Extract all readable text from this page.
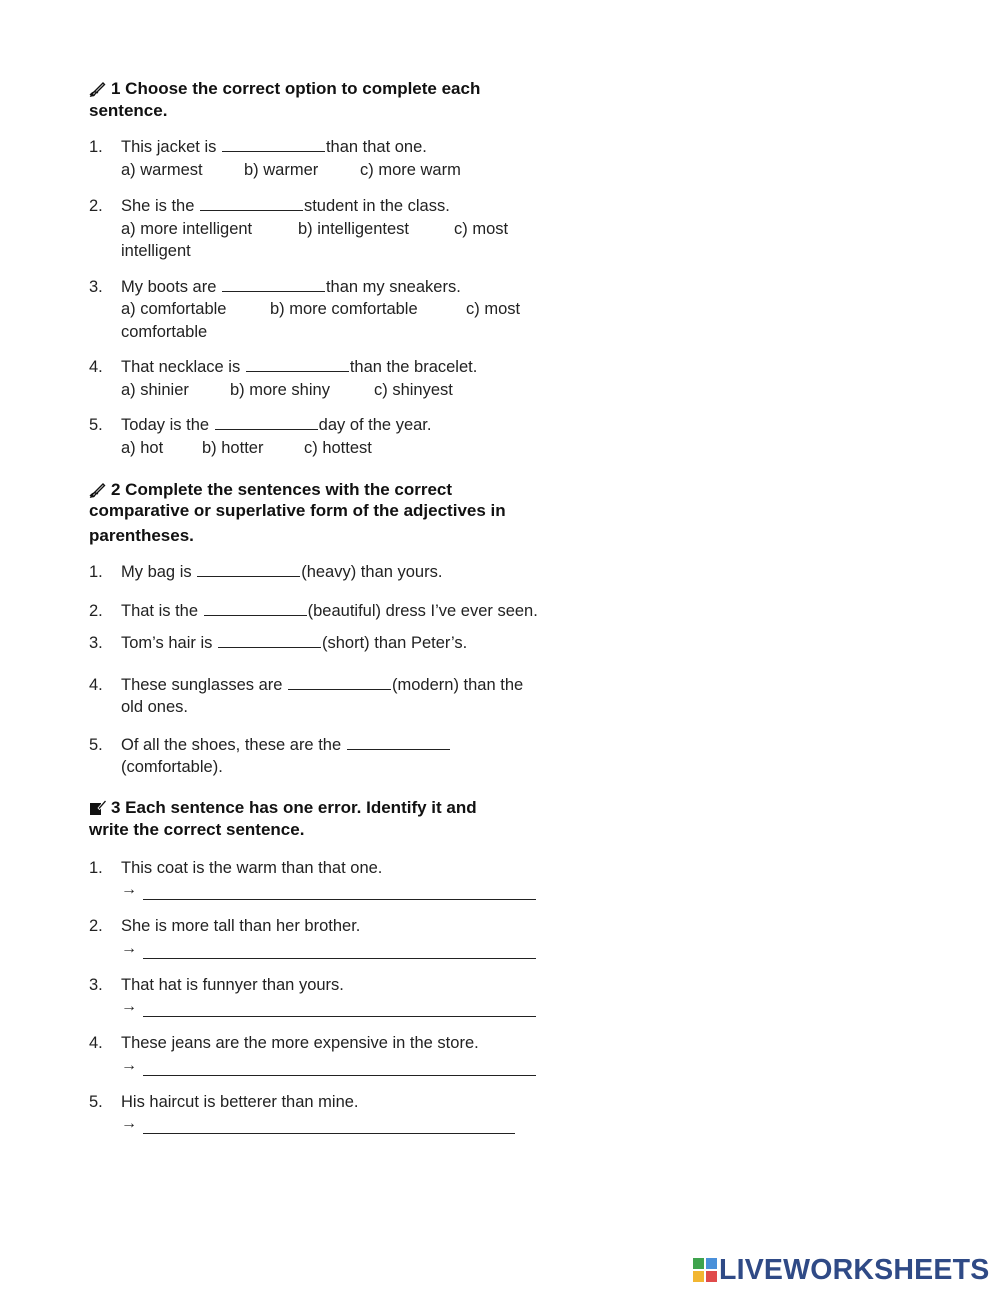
1 Choose the correct option to complete each sentence.
1. This jacket is	than that one.
a) warmest	b) warmer	c) more warm
2. She is the	student in the class.
a) more intelligent	b) intelligentest	c) most intelligent
3. My boots are	than my sneakers.
a) comfortable	b) more comfortable	c) most comfortable
4. That necklace is	than the bracelet.
a) shinier b) more shiny	c) shinyest
5. Today is the	day of the year.
a) hot b) hotter c) hottest
2 Complete the sentences with the correct
comparative or superlative form of the adjectives in
parentheses.
1. My bag is	(heavy) than yours.
2. That is the	(beautiful) dress I’ve ever seen.
3. Tom’s hair is	(short) than Peter’s.
4. These sunglasses are	(modern) than the old ones.
5. Of all the shoes, these are the (comfortable).
3 Each sentence has one error. Identify it and write the correct sentence.
1. This coat is the warm than that one.
→
2. She is more tall than her brother.
→
3. That hat is funnyer than yours.
→
4. These jeans are the more expensive in the store.
→
5. His haircut is betterer than mine.
→
LIVEWORKSHEETS
